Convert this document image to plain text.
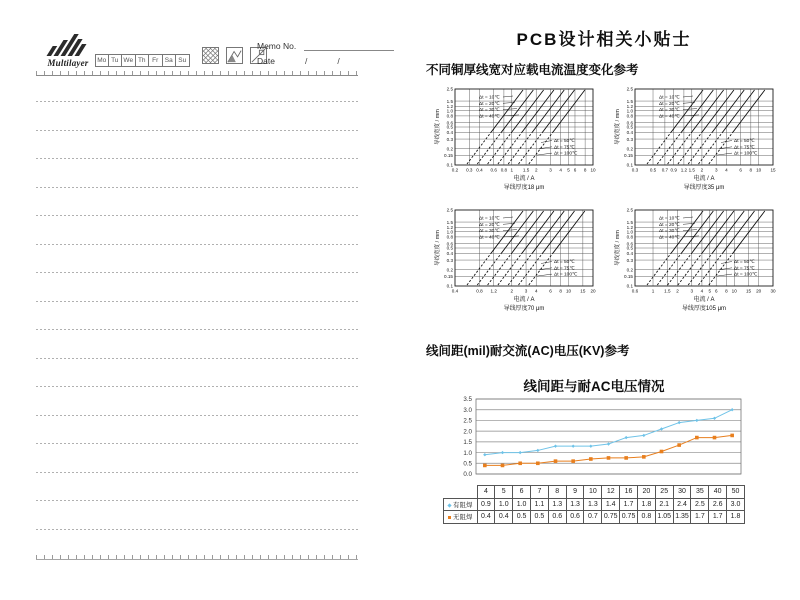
Multilayer	Mo Tu We Th	Fr Sa Su
Memo No.
Date	/	/
PCB设计相关小贴士
不同铜厚线宽对应载电流温度变化参考
2.5
1.5
1.2
1.0
0.8
0.6
0.5
0.4
0.3
0.2
0.15
0.1
0.2 0.3 0.4 0.6 0.8 1 1.5 2	3 4 5 6 8 10
导线宽度 / mm
电流 / A
导线厚度18 μm
Δt = 10℃
Δt = 20℃
Δt = 30℃
Δt = 40℃
Δt = 50℃
Δt = 75℃
Δt = 100℃
2.5
1.5
1.2
1.0
0.8
0.6
0.5
0.4
0.3
0.2
0.15
0.1
0.3	0.5 0.7 0.9 1.2 1.5 2	3 4	6 8 10 15
导线宽度 / mm
电流 / A
导线厚度35 μm
Δt = 10℃
Δt = 20℃
Δt = 30℃
Δt = 40℃
Δt = 50℃
Δt = 75℃
Δt = 100℃
2.5
1.5
1.2
1.0
0.8
0.6
0.5
0.4
0.3
0.2
0.15
0.1
0.4	0.8 1.2	2	3 4	6 8 10 15 20
导线宽度 / mm
电流 / A
导线厚度70 μm
Δt = 10℃
Δt = 20℃
Δt = 30℃
Δt = 40℃
Δt = 50℃
Δt = 75℃
Δt = 100℃
2.5
1.5
1.2
1.0
0.8
0.6
0.5
0.4
0.3
0.2
0.15
0.1
0.6	1 1.5 2	3 4 5 6 8 10 15 20 30
导线宽度 / mm
电流 / A
导线厚度105 μm
Δt = 10℃
Δt = 20℃
Δt = 30℃
Δt = 40℃
Δt = 50℃
Δt = 75℃
Δt = 100℃
线间距(mil)耐交流(AC)电压(KV)参考
线间距与耐AC电压情况
0.0
0.5
1.0
1.5
2.0
2.5
3.0
3.5
	4	5	6	7	8	9	10	12	16	20	25	30	35	40	50
有阻焊	0.9	1.0	1.0	1.1	1.3	1.3	1.3	1.4	1.7	1.8	2.1	2.4	2.5	2.6	3.0
无阻焊	0.4	0.4	0.5	0.5	0.6	0.6	0.7	0.75	0.75	0.8	1.05	1.35	1.7	1.7	1.8
